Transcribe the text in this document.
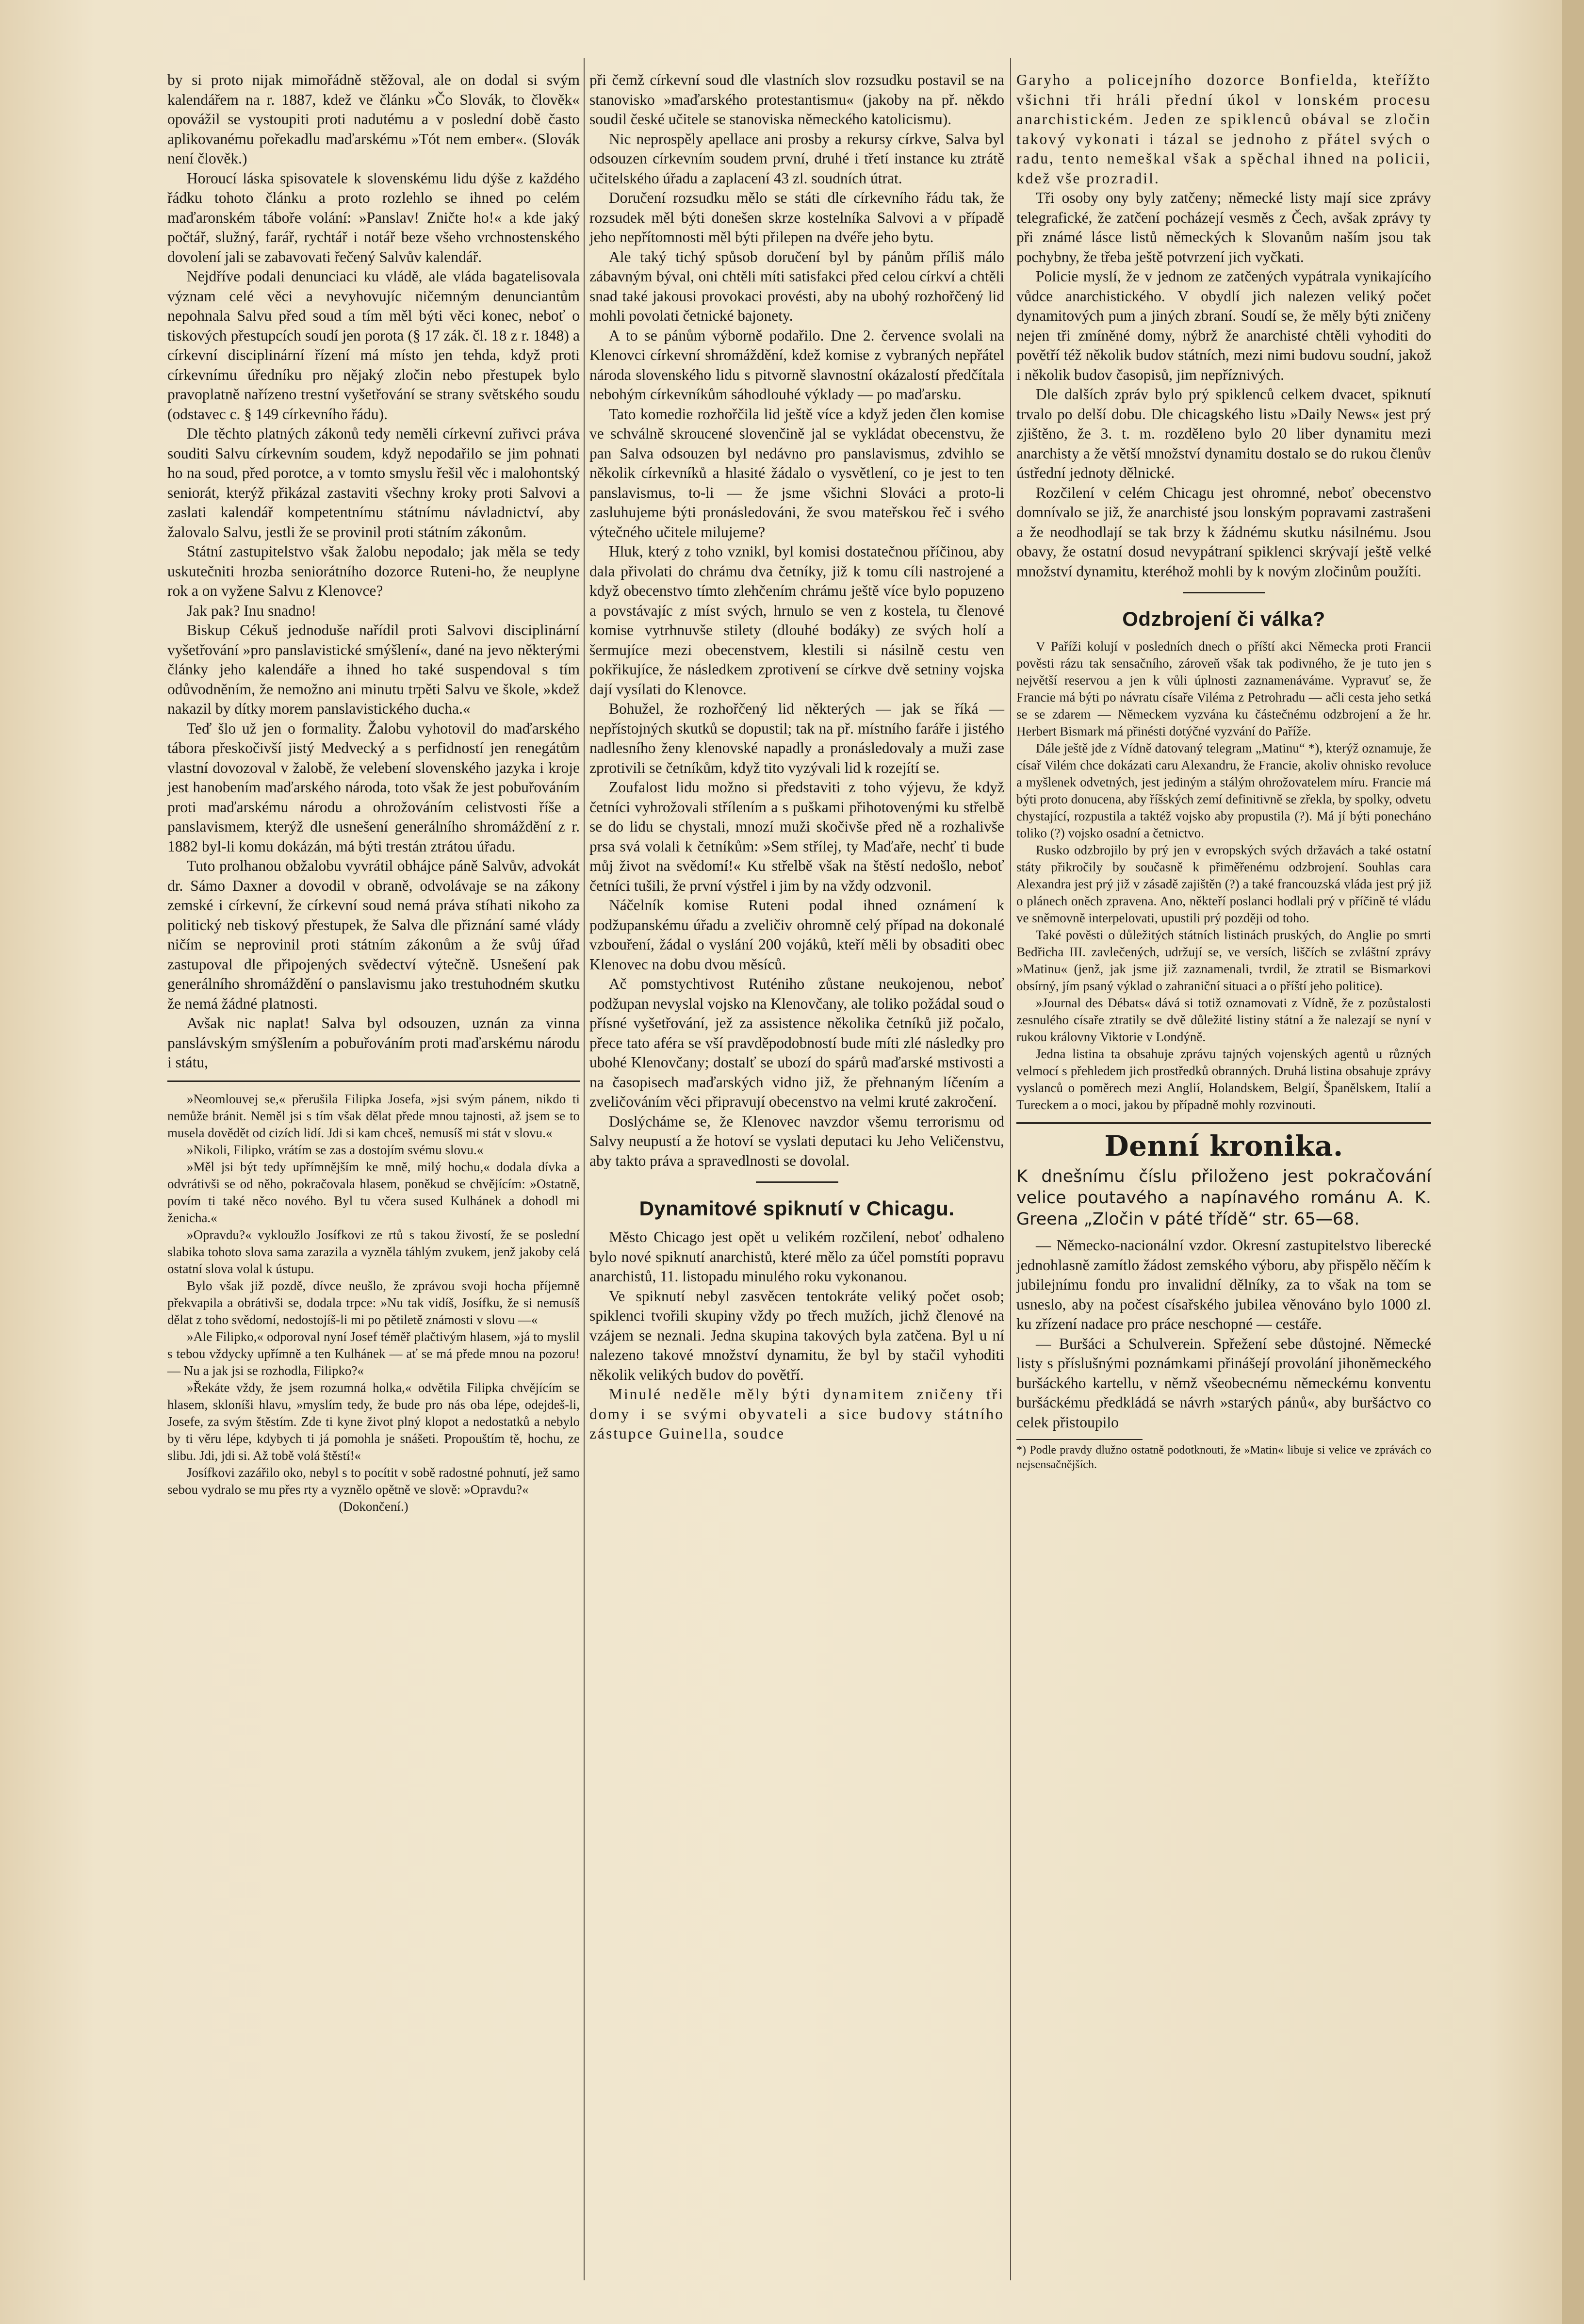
by si proto nijak mimořádně stěžoval, ale on dodal si svým kalendářem na r. 1887, kdež ve článku »Čo Slovák, to člověk« opovážil se vystoupiti proti nadutému a v poslední době často aplikovanému pořekadlu maďarskému »Tót nem ember«. (Slovák není člověk.)

Horoucí láska spisovatele k slovenskému lidu dýše z každého řádku tohoto článku a proto rozlehlo se ihned po celém maďaronském táboře volání: »Panslav! Zničte ho!« a kde jaký počtář, služný, farář, rychtář i notář beze všeho vrchnostenského dovolení jali se zabavovati řečený Salvův kalendář.

Nejdříve podali denunciaci ku vládě, ale vláda bagatelisovala význam celé věci a nevyhovujíc ničemným denunciantům nepohnala Salvu před soud a tím měl býti věci konec, neboť o tiskových přestupcích soudí jen porota (§ 17 zák. čl. 18 z r. 1848) a církevní disciplinární řízení má místo jen tehda, když proti církevnímu úředníku pro nějaký zločin nebo přestupek bylo pravoplatně nařízeno trestní vyšetřování se strany světského soudu (odstavec c. § 149 církevního řádu).

Dle těchto platných zákonů tedy neměli církevní zuřivci práva souditi Salvu církevním soudem, když nepodařilo se jim pohnati ho na soud, před porotce, a v tomto smyslu řešil věc i malohontský seniorát, kterýž přikázal zastaviti všechny kroky proti Salvovi a zaslati kalendář kompetentnímu státnímu návladnictví, aby žalovalo Salvu, jestli že se provinil proti státním zákonům.

Státní zastupitelstvo však žalobu nepodalo; jak měla se tedy uskutečniti hrozba seniorátního dozorce Ruteni-ho, že neuplyne rok a on vyžene Salvu z Klenovce?

Jak pak? Inu snadno!

Biskup Cékuš jednoduše nařídil proti Salvovi disciplinární vyšetřování »pro panslavistické smýšlení«, dané na jevo některými články jeho kalendáře a ihned ho také suspendoval s tím odůvodněním, že nemožno ani minutu trpěti Salvu ve škole, »kdež nakazil by dítky morem panslavistického ducha.«

Teď šlo už jen o formality. Žalobu vyhotovil do maďarského tábora přeskočivší jistý Medvecký a s perfidností jen renegátům vlastní dovozoval v žalobě, že velebení slovenského jazyka i kroje jest hanobením maďarského národa, toto však že jest pobuřováním proti maďarskému národu a ohrožováním celistvosti říše a panslavismem, kterýž dle usnešení generálního shromáždění z r. 1882 byl-li komu dokázán, má býti trestán ztrátou úřadu.

Tuto prolhanou obžalobu vyvrátil obhájce páně Salvův, advokát dr. Sámo Daxner a dovodil v obraně, odvolávaje se na zákony zemské i církevní, že církevní soud nemá práva stíhati nikoho za politický neb tiskový přestupek, že Salva dle přiznání samé vlády ničím se neprovinil proti státním zákonům a že svůj úřad zastupoval dle připojených svědectví výtečně. Usnešení pak generálního shromáždění o panslavismu jako trestuhodném skutku že nemá žádné platnosti.

Avšak nic naplat! Salva byl odsouzen, uznán za vinna panslávským smýšlením a pobuřováním proti maďarskému národu i státu,

»Neomlouvej se,« přerušila Filipka Josefa, »jsi svým pánem, nikdo ti nemůže bránit. Neměl jsi s tím však dělat přede mnou tajnosti, až jsem se to musela dovědět od cizích lidí. Jdi si kam chceš, nemusíš mi stát v slovu.«

»Nikoli, Filipko, vrátím se zas a dostojím svému slovu.«

»Měl jsi být tedy upřímnějším ke mně, milý hochu,« dodala dívka a odvrátivši se od něho, pokračovala hlasem, poněkud se chvějícím: »Ostatně, povím ti také něco nového. Byl tu včera sused Kulhánek a dohodl mi ženicha.«

»Opravdu?« vykloužlo Josífkovi ze rtů s takou živostí, že se poslední slabika tohoto slova sama zarazila a vyzněla táhlým zvukem, jenž jakoby celá ostatní slova volal k ústupu.

Bylo však již pozdě, dívce neušlo, že zprávou svoji hocha příjemně překvapila a obrátivši se, dodala trpce: »Nu tak vidíš, Josífku, že si nemusíš dělat z toho svědomí, nedostojíš-li mi po pětiletě známosti v slovu —«

»Ale Filipko,« odporoval nyní Josef téměř plačtivým hlasem, »já to myslil s tebou vždycky upřímně a ten Kulhánek — ať se má přede mnou na pozoru! — Nu a jak jsi se rozhodla, Filipko?«

»Řekáte vždy, že jsem rozumná holka,« odvětila Filipka chvějícím se hlasem, skloníši hlavu, »myslím tedy, že bude pro nás oba lépe, odejdeš-li, Josefe, za svým štěstím. Zde ti kyne život plný klopot a nedostatků a nebylo by ti věru lépe, kdybych ti já pomohla je snášeti. Propouštím tě, hochu, ze slibu. Jdi, jdi si. Až tobě volá štěstí!«

Josífkovi zazářilo oko, nebyl s to pocítit v sobě radostné pohnutí, jež samo sebou vydralo se mu přes rty a vyznělo opětně ve slově: »Opravdu?«

(Dokončení.)

při čemž církevní soud dle vlastních slov rozsudku postavil se na stanovisko »maďarského protestantismu« (jakoby na př. někdo soudil české učitele se stanoviska německého katolicismu).

Nic neprospěly apellace ani prosby a rekursy církve, Salva byl odsouzen církevním soudem první, druhé i třetí instance ku ztrátě učitelského úřadu a zaplacení 43 zl. soudních útrat.

Doručení rozsudku mělo se státi dle církevního řádu tak, že rozsudek měl býti donešen skrze kostelníka Salvovi a v případě jeho nepřítomnosti měl býti přilepen na dvéře jeho bytu.

Ale taký tichý spůsob doručení byl by pánům příliš málo zábavným býval, oni chtěli míti satisfakci před celou církví a chtěli snad také jakousi provokaci provésti, aby na ubohý rozhořčený lid mohli povolati četnické bajonety.

A to se pánům výborně podařilo. Dne 2. července svolali na Klenovci církevní shromáždění, kdež komise z vybraných nepřátel národa slovenského lidu s pitvorně slavnostní okázalostí předčítala nebohým církevníkům sáhodlouhé výklady — po maďarsku.

Tato komedie rozhořčila lid ještě více a když jeden člen komise ve schválně skroucené slovenčině jal se vykládat obecenstvu, že pan Salva odsouzen byl nedávno pro panslavismus, zdvihlo se několik církevníků a hlasité žádalo o vysvětlení, co je jest to ten panslavismus, to-li — že jsme všichni Slováci a proto-li zasluhujeme býti pronásledováni, že svou mateřskou řeč i svého výtečného učitele milujeme?

Hluk, který z toho vznikl, byl komisi dostatečnou příčinou, aby dala přivolati do chrámu dva četníky, již k tomu cíli nastrojené a když obecenstvo tímto zlehčením chrámu ještě více bylo popuzeno a povstávajíc z míst svých, hrnulo se ven z kostela, tu členové komise vytrhnuvše stilety (dlouhé bodáky) ze svých holí a šermujíce mezi obecenstvem, klestili si násilně cestu ven pokřikujíce, že následkem zprotivení se církve dvě setniny vojska dají vysílati do Klenovce.

Bohužel, že rozhořčený lid některých — jak se říká — nepřístojných skutků se dopustil; tak na př. místního faráře i jistého nadlesního ženy klenovské napadly a pronásledovaly a muži zase zprotivili se četníkům, když tito vyzývali lid k rozejítí se.

Zoufalost lidu možno si představiti z toho výjevu, že když četníci vyhrožovali střílením a s puškami přihotovenými ku střelbě se do lidu se chystali, mnozí muži skočivše před ně a rozhalivše prsa svá volali k četníkům: »Sem střílej, ty Maďaře, nechť ti bude můj život na svědomí!« Ku střelbě však na štěstí nedošlo, neboť četníci tušili, že první výstřel i jim by na vždy odzvonil.

Náčelník komise Ruteni podal ihned oznámení k podžupanskému úřadu a zveličiv ohromně celý případ na dokonalé vzbouření, žádal o vyslání 200 vojáků, kteří měli by obsaditi obec Klenovec na dobu dvou měsíců.

Ač pomstychtivost Ruténiho zůstane neukojenou, neboť podžupan nevyslal vojsko na Klenovčany, ale toliko požádal soud o přísné vyšetřování, jež za assistence několika četníků již počalo, přece tato aféra se vší pravděpodobností bude míti zlé následky pro ubohé Klenovčany; dostalť se ubozí do spárů maďarské mstivosti a na časopisech maďarských vidno již, že přehnaným líčením a zveličováním věci připravují obecenstvo na velmi kruté zakročení.

Doslýcháme se, že Klenovec navzdor všemu terrorismu od Salvy neupustí a že hotoví se vyslati deputaci ku Jeho Veličenstvu, aby takto práva a spravedlnosti se dovolal.

Dynamitové spiknutí v Chicagu.

Město Chicago jest opět u velikém rozčilení, neboť odhaleno bylo nové spiknutí anarchistů, které mělo za účel pomstíti popravu anarchistů, 11. listopadu minulého roku vykonanou.

Ve spiknutí nebyl zasvěcen tentokráte veliký počet osob; spiklenci tvořili skupiny vždy po třech mužích, jichž členové na vzájem se neznali. Jedna skupina takových byla zatčena. Byl u ní nalezeno takové množství dynamitu, že byl by stačil vyhoditi několik velikých budov do povětří.

Minulé neděle měly býti dynamitem zničeny tři domy i se svými obyvateli a sice budovy státního zástupce Guinella, soudce

Garyho a policejního dozorce Bonfielda, kteřížto všichni tři hráli přední úkol v lonském procesu anarchistickém. Jeden ze spiklenců obával se zločin takový vykonati i tázal se jednoho z přátel svých o radu, tento nemeškal však a spěchal ihned na policii, kdež vše prozradil.

Tři osoby ony byly zatčeny; německé listy mají sice zprávy telegrafické, že zatčení pocházejí vesměs z Čech, avšak zprávy ty při známé lásce listů německých k Slovanům naším jsou tak pochybny, že třeba ještě potvrzení jich vyčkati.

Policie myslí, že v jednom ze zatčených vypátrala vynikajícího vůdce anarchistického. V obydlí jich nalezen veliký počet dynamitových pum a jiných zbraní. Soudí se, že měly býti zničeny nejen tři zmíněné domy, nýbrž že anarchisté chtěli vyhoditi do povětří též několik budov státních, mezi nimi budovu soudní, jakož i několik budov časopisů, jim nepříznivých.

Dle dalších zpráv bylo prý spiklenců celkem dvacet, spiknutí trvalo po delší dobu. Dle chicagského listu »Daily News« jest prý zjištěno, že 3. t. m. rozděleno bylo 20 liber dynamitu mezi anarchisty a že větší množství dynamitu dostalo se do rukou členův ústřední jednoty dělnické.

Rozčilení v celém Chicagu jest ohromné, neboť obecenstvo domnívalo se již, že anarchisté jsou lonským popravami zastrašeni a že neodhodlají se tak brzy k žádnému skutku násilnému. Jsou obavy, že ostatní dosud nevypátraní spiklenci skrývají ještě velké množství dynamitu, kteréhož mohli by k novým zločinům použíti.

Odzbrojení či válka?

V Paříži kolují v posledních dnech o příští akci Německa proti Francii pověsti rázu tak sensačního, zároveň však tak podivného, že je tuto jen s největší reservou a jen k vůli úplnosti zaznamenáváme. Vypravuť se, že Francie má býti po návratu císaře Viléma z Petrohradu — ačli cesta jeho setká se se zdarem — Německem vyzvána ku částečnému odzbrojení a že hr. Herbert Bismark má přinésti dotýčné vyzvání do Paříže.

Dále ještě jde z Vídně datovaný telegram „Matinu“ *), kterýž oznamuje, že císař Vilém chce dokázati caru Alexandru, že Francie, akoliv ohnisko revoluce a myšlenek odvetných, jest jediným a stálým ohrožovatelem míru. Francie má býti proto donucena, aby říšských zemí definitivně se zřekla, by spolky, odvetu chystající, rozpustila a taktéž vojsko aby propustila (?). Má jí býti ponecháno toliko (?) vojsko osadní a četnictvo.

Rusko odzbrojilo by prý jen v evropských svých državách a také ostatní státy přikročily by současně k přiměřenému odzbrojení. Souhlas cara Alexandra jest prý již v zásadě zajištěn (?) a také francouzská vláda jest prý již o plánech oněch zpravena. Ano, někteří poslanci hodlali prý v příčině té vládu ve sněmovně interpelovati, upustili prý později od toho.

Také pověsti o důležitých státních listinách pruských, do Anglie po smrti Bedřicha III. zavlečených, udržují se, ve versích, liščích se zvláštní zprávy »Matinu« (jenž, jak jsme již zaznamenali, tvrdil, že ztratil se Bismarkovi obsírný, jím psaný výklad o zahraniční situaci a o příští jeho politice).

»Journal des Débats« dává si totiž oznamovati z Vídně, že z pozůstalosti zesnulého císaře ztratily se dvě důležité listiny státní a že nalezají se nyní v rukou královny Viktorie v Londýně.

Jedna listina ta obsahuje zprávu tajných vojenských agentů u různých velmocí s přehledem jich prostředků obranných. Druhá listina obsahuje zprávy vyslanců o poměrech mezi Anglií, Holandskem, Belgií, Španělskem, Italií a Tureckem a o moci, jakou by případně mohly rozvinouti.

Denní kronika.
K dnešnímu číslu přiloženo jest pokračování velice poutavého a napínavého románu A. K. Greena „Zločin v páté třídě“ str. 65—68.

— Německo-nacionální vzdor. Okresní zastupitelstvo liberecké jednohlasně zamítlo žádost zemského výboru, aby přispělo něčím k jubilejnímu fondu pro invalidní dělníky, za to však na tom se usneslo, aby na počest císařského jubilea věnováno bylo 1000 zl. ku zřízení nadace pro práce neschopné — cestáře.

— Buršáci a Schulverein. Spřežení sebe důstojné. Německé listy s příslušnými poznámkami přinášejí provolání jihoněmeckého buršáckého kartellu, v němž všeobecnému německému konventu buršáckému předkládá se návrh »starých pánů«, aby buršáctvo co celek přistoupilo

*) Podle pravdy dlužno ostatně podotknouti, že »Matin« libuje si velice ve zprávách co nejsensačnějších.
